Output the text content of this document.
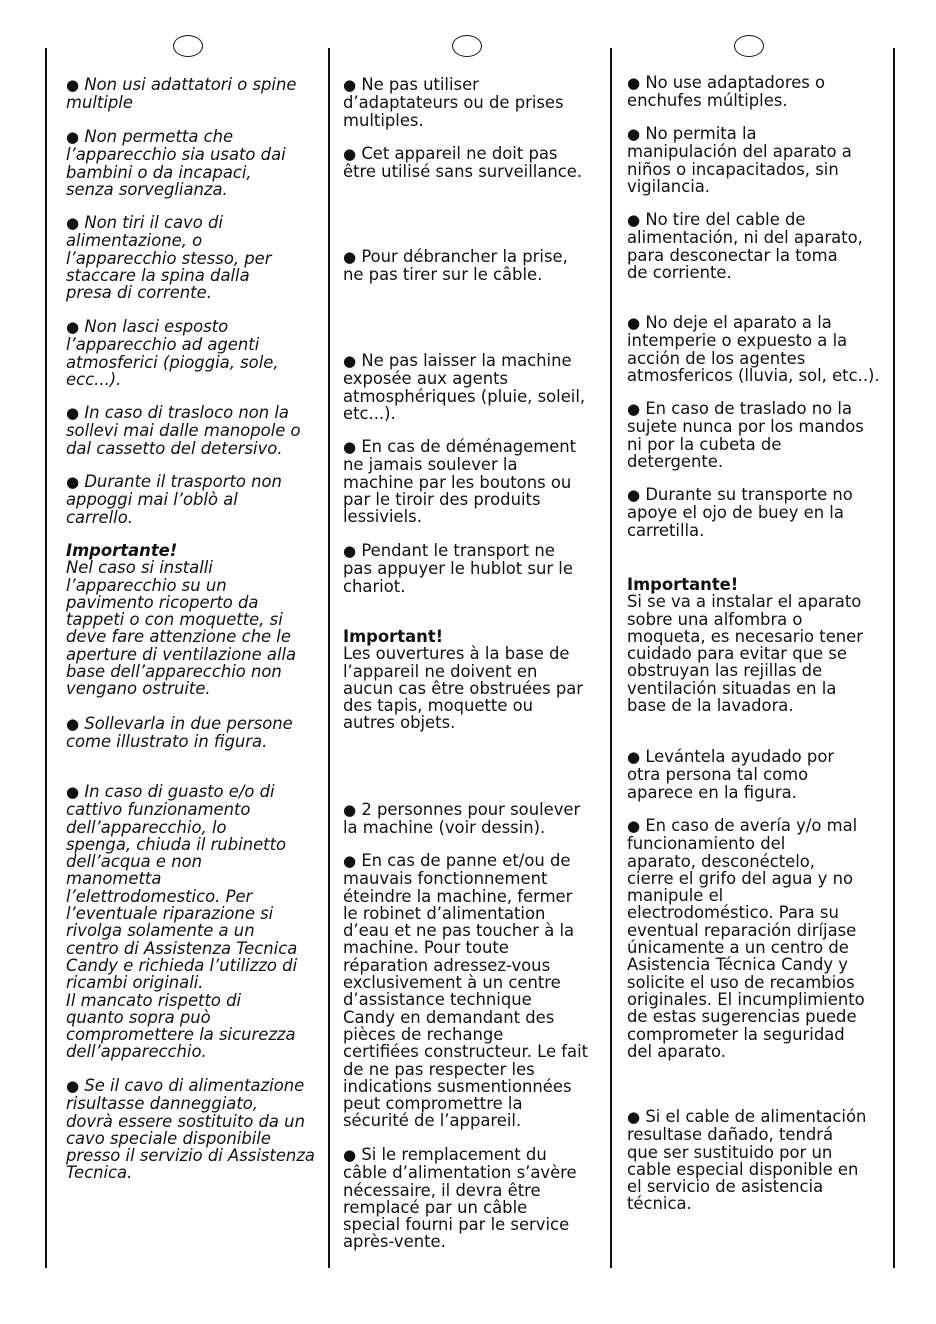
● Non usi adattatori o spine
multiple

● Non permetta che
l’apparecchio sia usato dai
bambini o da incapaci,
senza sorveglianza.

● Non tiri il cavo di
alimentazione, o
l’apparecchio stesso, per
staccare la spina dalla
presa di corrente.

● Non lasci esposto
l’apparecchio ad agenti
atmosferici (pioggia, sole,
ecc...).

● In caso di trasloco non la
sollevi mai dalle manopole o
dal cassetto del detersivo.

● Durante il trasporto non
appoggi mai l’oblò al
carrello.

Importante!
Nel caso si installi
l’apparecchio su un
pavimento ricoperto da
tappeti o con moquette, si
deve fare attenzione che le
aperture di ventilazione alla
base dell’apparecchio non
vengano ostruite.

● Sollevarla in due persone
come illustrato in figura.

● In caso di guasto e/o di
cattivo funzionamento
dell’apparecchio, lo
spenga, chiuda il rubinetto
dell’acqua e non
manometta
l’elettrodomestico. Per
l’eventuale riparazione si
rivolga solamente a un
centro di Assistenza Tecnica
Candy e richieda l’utilizzo di
ricambi originali.
Il mancato rispetto di
quanto sopra può
compromettere la sicurezza
dell’apparecchio.

● Se il cavo di alimentazione
risultasse danneggiato,
dovrà essere sostituito da un
cavo speciale disponibile
presso il servizio di Assistenza
Tecnica.

● Ne pas utiliser
d’adaptateurs ou de prises
multiples.

● Cet appareil ne doit pas
être utilisé sans surveillance.

● Pour débrancher la prise,
ne pas tirer sur le câble.

● Ne pas laisser la machine
exposée aux agents
atmosphériques (pluie, soleil,
etc...).

● En cas de déménagement
ne jamais soulever la
machine par les boutons ou
par le tiroir des produits
lessiviels.

● Pendant le transport ne
pas appuyer le hublot sur le
chariot.

Important!
Les ouvertures à la base de
l’appareil ne doivent en
aucun cas être obstruées par
des tapis, moquette ou
autres objets.

● 2 personnes pour soulever
la machine (voir dessin).

● En cas de panne et/ou de
mauvais fonctionnement
éteindre la machine, fermer
le robinet d’alimentation
d’eau et ne pas toucher à la
machine. Pour toute
réparation adressez-vous
exclusivement à un centre
d’assistance technique
Candy en demandant des
pièces de rechange
certifiées constructeur. Le fait
de ne pas respecter les
indications susmentionnées
peut compromettre la
sécurité de l’appareil.

● Si le remplacement du
câble d’alimentation s’avère
nécessaire, il devra être
remplacé par un câble
special fourni par le service
après-vente.

● No use adaptadores o
enchufes múltiples.

● No permita la
manipulación del aparato a
niños o incapacitados, sin
vigilancia.

● No tire del cable de
alimentación, ni del aparato,
para desconectar la toma
de corriente.

● No deje el aparato a la
intemperie o expuesto a la
acción de los agentes
atmosfericos (lluvia, sol, etc..).

● En caso de traslado no la
sujete nunca por los mandos
ni por la cubeta de
detergente.

● Durante su transporte no
apoye el ojo de buey en la
carretilla.

Importante!
Si se va a instalar el aparato
sobre una alfombra o
moqueta, es necesario tener
cuidado para evitar que se
obstruyan las rejillas de
ventilación situadas en la
base de la lavadora.

● Levántela ayudado por
otra persona tal como
aparece en la figura.

● En caso de avería y/o mal
funcionamiento del
aparato, desconéctelo,
cierre el grifo del agua y no
manipule el
electrodoméstico. Para su
eventual reparación diríjase
únicamente a un centro de
Asistencia Técnica Candy y
solicite el uso de recambios
originales. El incumplimiento
de estas sugerencias puede
comprometer la seguridad
del aparato.

● Si el cable de alimentación
resultase dañado, tendrá
que ser sustituido por un
cable especial disponible en
el servicio de asistencia
técnica.
